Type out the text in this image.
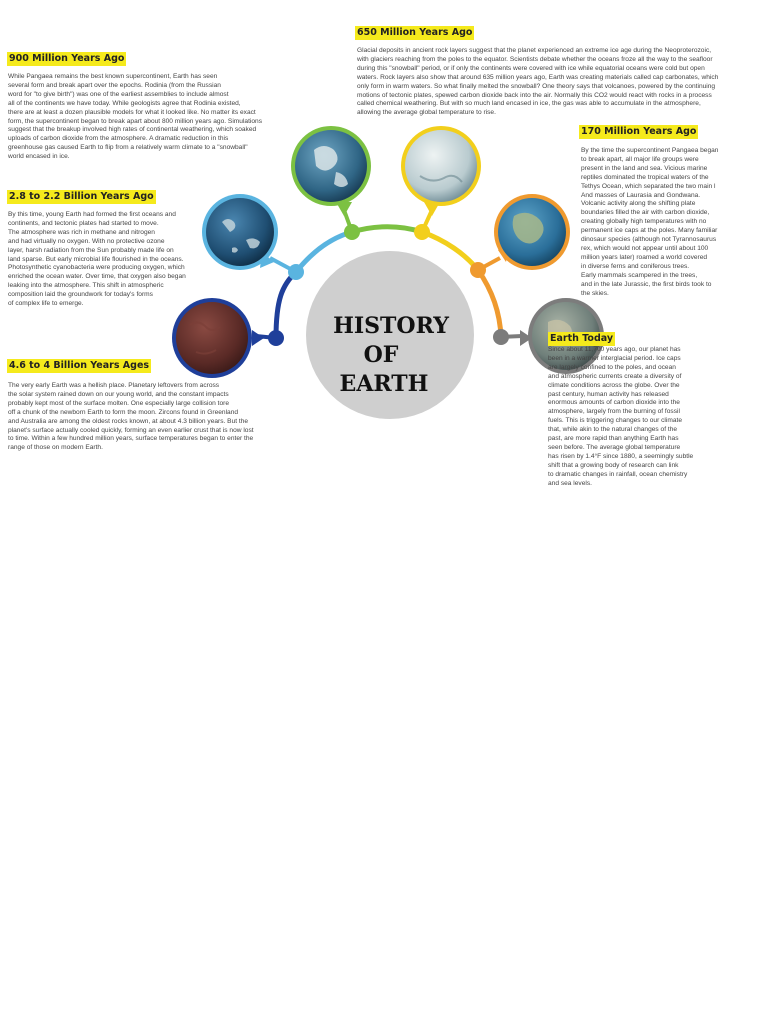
HISTORY
OF
EARTH
900 Million Years Ago
While Pangaea remains the best known supercontinent, Earth has seen
several form and break apart over the epochs. Rodinia (from the Russian
word for "to give birth") was one of the earliest assemblies to include almost
all of the continents we have today. While geologists agree that Rodinia existed,
there are at least a dozen plausible models for what it looked like. No matter its exact
form, the supercontinent began to break apart about 800 million years ago. Simulations
suggest that the breakup involved high rates of continental weathering, which soaked
uploads of carbon dioxide from the atmosphere. A dramatic reduction in this
greenhouse gas caused Earth to flip from a relatively warm climate to a "snowball"
world encased in ice.
2.8 to 2.2 Billion Years Ago
By this time, young Earth had formed the first oceans and
continents, and tectonic plates had started to move.
The atmosphere was rich in methane and nitrogen
and had virtually no oxygen. With no protective ozone
layer, harsh radiation from the Sun probably made life on
land sparse. But early microbial life flourished in the oceans.
Photosynthetic cyanobacteria were producing oxygen, which
enriched the ocean water. Over time, that oxygen also began
leaking into the atmosphere. This shift in atmospheric
composition laid the groundwork for today's forms
of complex life to emerge.
4.6 to 4 Billion Years Ages
The very early Earth was a hellish place. Planetary leftovers from across
the solar system rained down on our young world, and the constant impacts
probably kept most of the surface molten. One especially large collision tore
off a chunk of the newborn Earth to form the moon. Zircons found in Greenland
and Australia are among the oldest rocks known, at about 4.3 billion years. But the
planet's surface actually cooled quickly, forming an even earlier crust that is now lost
to time. Within a few hundred million years, surface temperatures began to enter the
range of those on modern Earth.
650 Million Years Ago
Glacial deposits in ancient rock layers suggest that the planet experienced an extreme ice age during the Neoproterozoic,
with glaciers reaching from the poles to the equator. Scientists debate whether the oceans froze all the way to the seafloor
during this "snowball" period, or if only the continents were covered with ice while equatorial oceans were cold but open
waters. Rock layers also show that around 635 million years ago, Earth was creating materials called cap carbonates, which
only form in warm waters. So what finally melted the snowball? One theory says that volcanoes, powered by the continuing
motions of tectonic plates, spewed carbon dioxide back into the air. Normally this CO2 would react with rocks in a process
called chemical weathering. But with so much land encased in ice, the gas was able to accumulate in the atmosphere,
allowing the average global temperature to rise.
170 Million Years Ago
By the time the supercontinent Pangaea began
to break apart, all major life groups were
present in the land and sea. Vicious marine
reptiles dominated the tropical waters of the
Tethys Ocean, which separated the two main l
And masses of Laurasia and Gondwana.
Volcanic activity along the shifting plate
boundaries filled the air with carbon dioxide,
creating globally high temperatures with no
permanent ice caps at the poles. Many familiar
dinosaur species (although not Tyrannosaurus
rex, which would not appear until about 100
million years later) roamed a world covered
in diverse ferns and coniferous trees.
Early mammals scampered in the trees,
and in the late Jurassic, the first birds took to
the skies.
Earth Today
Since about 11,700 years ago, our planet has
been in a warmer interglacial period. Ice caps
are largely confined to the poles, and ocean
and atmospheric currents create a diversity of
climate conditions across the globe. Over the
past century, human activity has released
enormous amounts of carbon dioxide into the
atmosphere, largely from the burning of fossil
fuels. This is triggering changes to our climate
that, while akin to the natural changes of the
past, are more rapid than anything Earth has
seen before. The average global temperature
has risen by 1.4°F since 1880, a seemingly subtle
shift that a growing body of research can link
to dramatic changes in rainfall, ocean chemistry
and sea levels.
